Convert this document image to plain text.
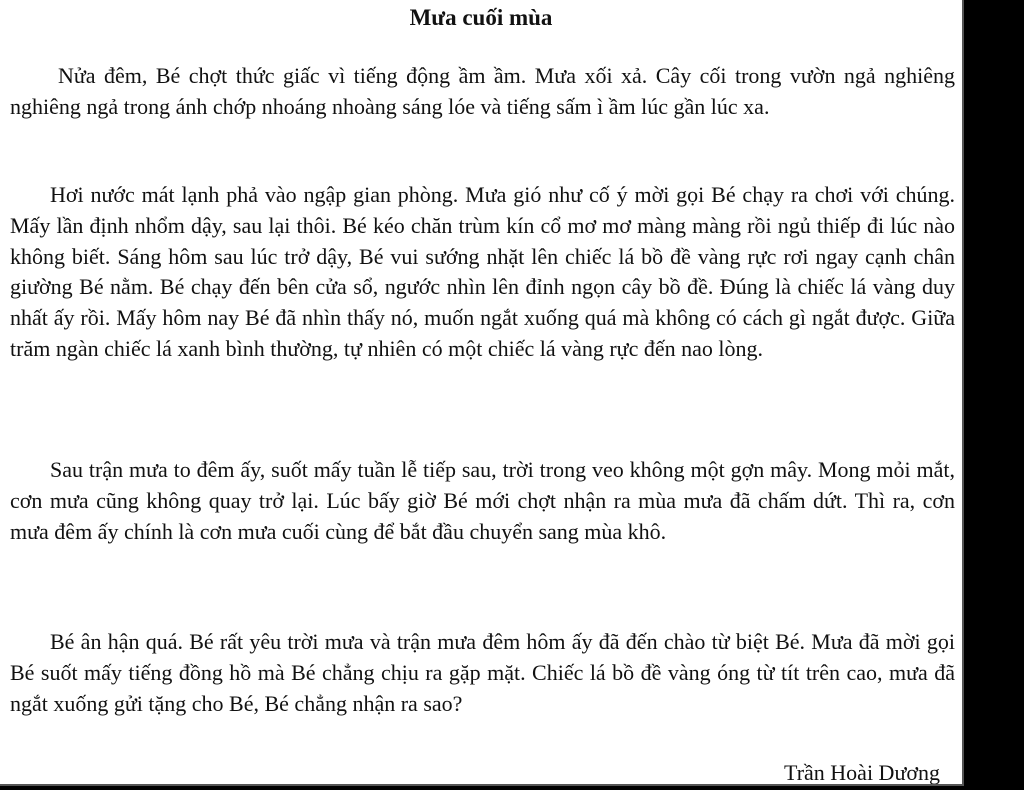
Mưa cuối mùa

Nửa đêm, Bé chợt thức giấc vì tiếng động ầm ầm. Mưa xối xả. Cây cối trong vườn ngả nghiêng nghiêng ngả trong ánh chớp nhoáng nhoàng sáng lóe và tiếng sấm ì ầm lúc gần lúc xa.

Hơi nước mát lạnh phả vào ngập gian phòng. Mưa gió như cố ý mời gọi Bé chạy ra chơi với chúng. Mấy lần định nhổm dậy, sau lại thôi. Bé kéo chăn trùm kín cổ mơ mơ màng màng rồi ngủ thiếp đi lúc nào không biết. Sáng hôm sau lúc trở dậy, Bé vui sướng nhặt lên chiếc lá bồ đề vàng rực rơi ngay cạnh chân giường Bé nằm. Bé chạy đến bên cửa sổ, ngước nhìn lên đỉnh ngọn cây bồ đề. Đúng là chiếc lá vàng duy nhất ấy rồi. Mấy hôm nay Bé đã nhìn thấy nó, muốn ngắt xuống quá mà không có cách gì ngắt được. Giữa trăm ngàn chiếc lá xanh bình thường, tự nhiên có một chiếc lá vàng rực đến nao lòng.

Sau trận mưa to đêm ấy, suốt mấy tuần lễ tiếp sau, trời trong veo không một gợn mây. Mong mỏi mắt, cơn mưa cũng không quay trở lại. Lúc bấy giờ Bé mới chợt nhận ra mùa mưa đã chấm dứt. Thì ra, cơn mưa đêm ấy chính là cơn mưa cuối cùng để bắt đầu chuyển sang mùa khô.

Bé ân hận quá. Bé rất yêu trời mưa và trận mưa đêm hôm ấy đã đến chào từ biệt Bé. Mưa đã mời gọi Bé suốt mấy tiếng đồng hồ mà Bé chẳng chịu ra gặp mặt. Chiếc lá bồ đề vàng óng từ tít trên cao, mưa đã ngắt xuống gửi tặng cho Bé, Bé chẳng nhận ra sao?

Trần Hoài Dương
